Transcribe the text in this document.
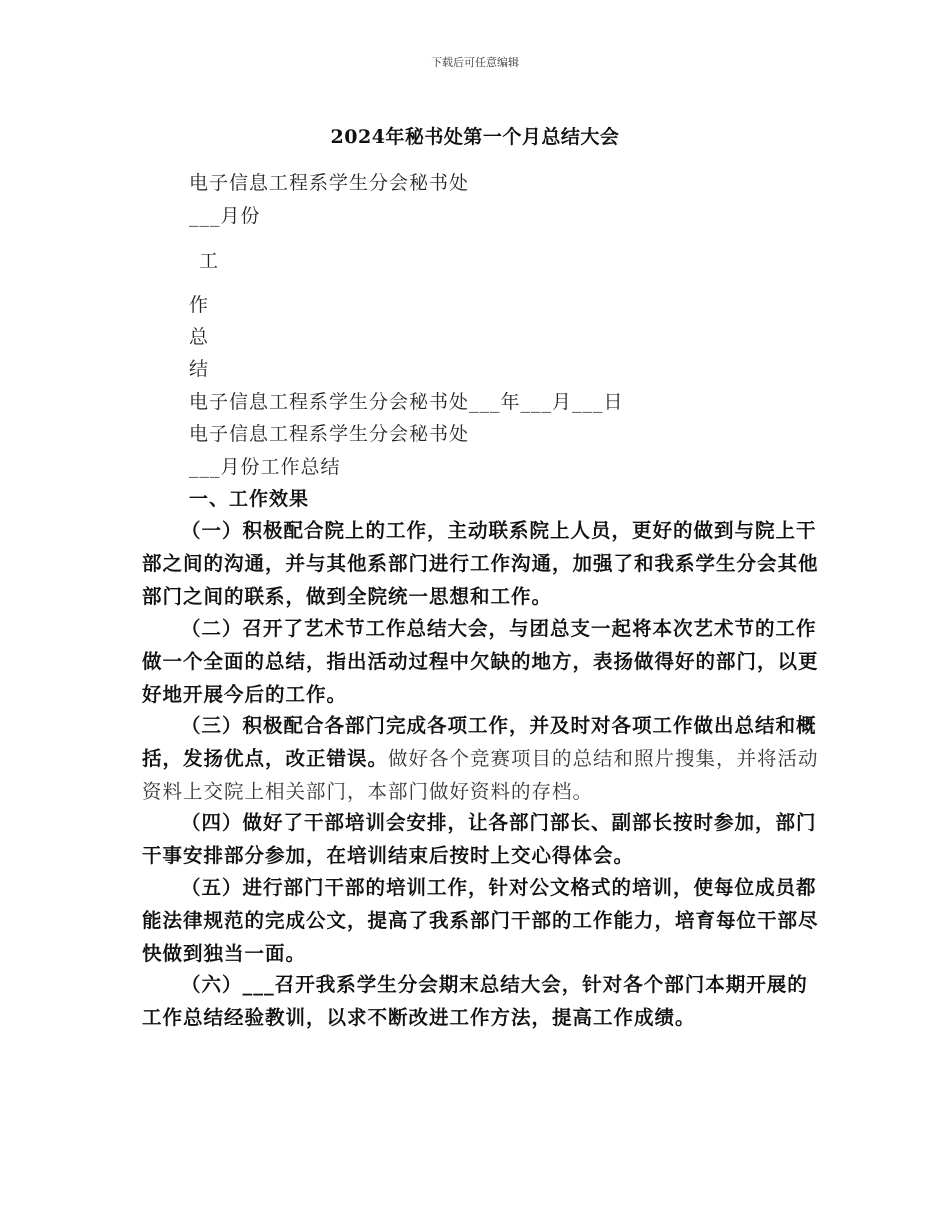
下载后可任意编辑
2024年秘书处第一个月总结大会
电子信息工程系学生分会秘书处
___月份
工
作
总
结
电子信息工程系学生分会秘书处___年___月___日
电子信息工程系学生分会秘书处
___月份工作总结
一、工作效果
（一）积极配合院上的工作，主动联系院上人员，更好的做到与院上干部之间的沟通，并与其他系部门进行工作沟通，加强了和我系学生分会其他部门之间的联系，做到全院统一思想和工作。
（二）召开了艺术节工作总结大会，与团总支一起将本次艺术节的工作做一个全面的总结，指出活动过程中欠缺的地方，表扬做得好的部门，以更好地开展今后的工作。
（三）积极配合各部门完成各项工作，并及时对各项工作做出总结和概括，发扬优点，改正错误。做好各个竞赛项目的总结和照片搜集，并将活动资料上交院上相关部门，本部门做好资料的存档。
（四）做好了干部培训会安排，让各部门部长、副部长按时参加，部门干事安排部分参加，在培训结束后按时上交心得体会。
（五）进行部门干部的培训工作，针对公文格式的培训，使每位成员都能法律规范的完成公文，提高了我系部门干部的工作能力，培育每位干部尽快做到独当一面。
（六）___召开我系学生分会期末总结大会，针对各个部门本期开展的工作总结经验教训，以求不断改进工作方法，提高工作成绩。
